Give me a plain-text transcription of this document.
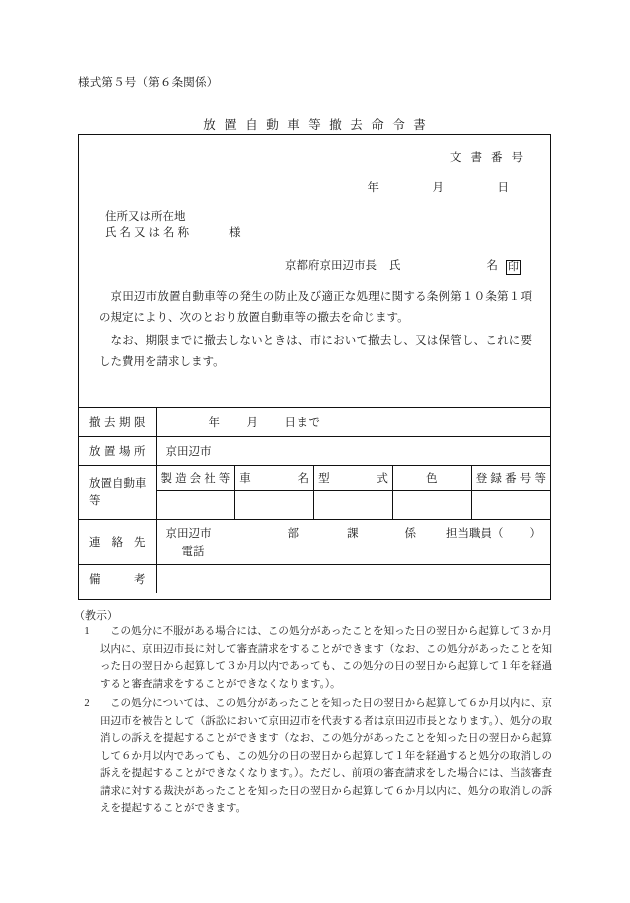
様式第５号（第６条関係）
放置自動車等撤去命令書
文書番号
年　月　日
住所又は所在地
氏名又は名称	様
京都府京田辺市長 氏	名 印

京田辺市放置自動車等の発生の防止及び適正な処理に関する条例第１０条第１項の規定により、次のとおり放置自動車等の撤去を命じます。

なお、期限までに撤去しないときは、市において撤去し、又は保管し、これに要した費用を請求します。

撤去期限	年 月 日まで				

放置場所	京田辺市				

放置自動車
等	製造会社等	車名	型式	色	登録番号等

連絡先	京田辺市 部 課 係 担当職員（ ）
電話				

備考					

（教示）
1	この処分に不服がある場合には、この処分があったことを知った日の翌日から起算して３か月以内に、京田辺市長に対して審査請求をすることができます（なお、この処分があったことを知った日の翌日から起算して３か月以内であっても、この処分の日の翌日から起算して１年を経過すると審査請求をすることができなくなります。）。
2	この処分については、この処分があったことを知った日の翌日から起算して６か月以内に、京田辺市を被告として（訴訟において京田辺市を代表する者は京田辺市長となります。）、処分の取消しの訴えを提起することができます（なお、この処分があったことを知った日の翌日から起算して６か月以内であっても、この処分の日の翌日から起算して１年を経過すると処分の取消しの訴えを提起することができなくなります。）。ただし、前項の審査請求をした場合には、当該審査請求に対する裁決があったことを知った日の翌日から起算して６か月以内に、処分の取消しの訴えを提起することができます。
